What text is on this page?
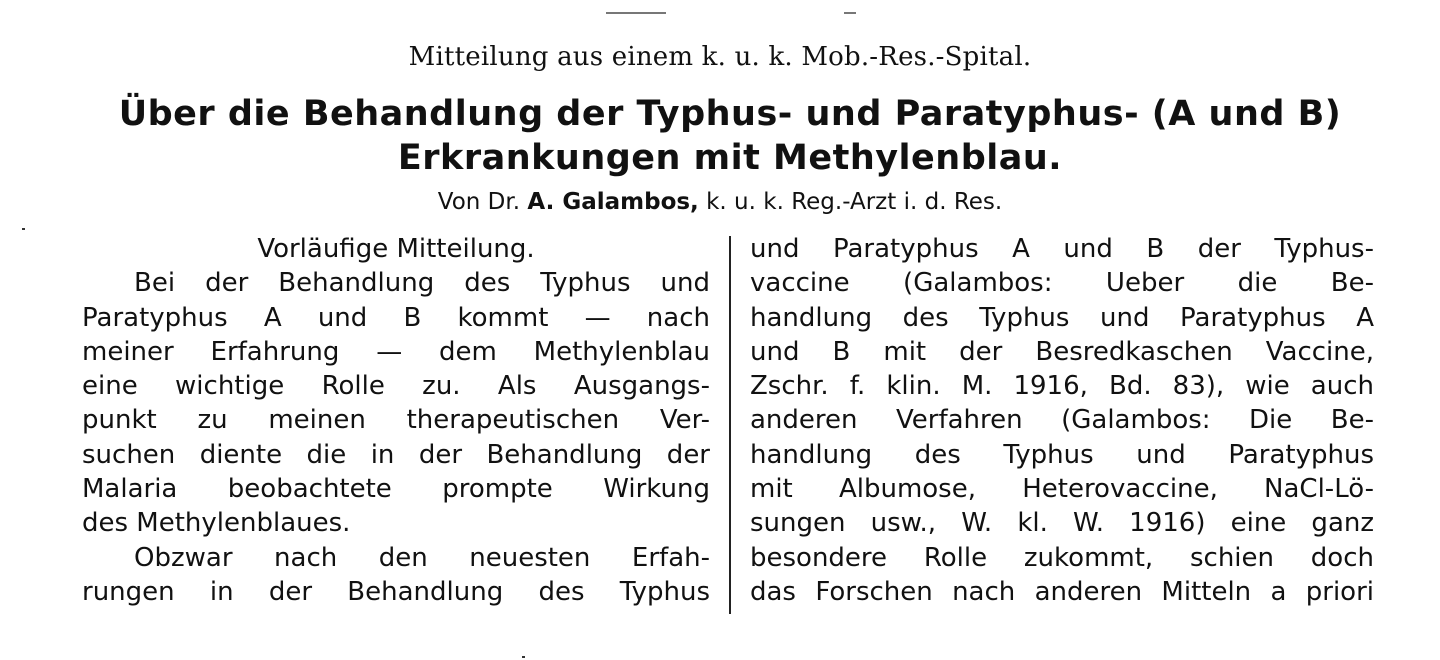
Mitteilung aus einem k. u. k. Mob.-Res.-Spital.
Über die Behandlung der Typhus- und Paratyphus- (A und B)
Erkrankungen mit Methylenblau.
Von Dr. A. Galambos, k. u. k. Reg.-Arzt i. d. Res.
Vorläufige Mitteilung.
Bei der Behandlung des Typhus und
Paratyphus A und B kommt — nach
meiner Erfahrung — dem Methylenblau
eine wichtige Rolle zu. Als Ausgangs-
punkt zu meinen therapeutischen Ver-
suchen diente die in der Behandlung der
Malaria beobachtete prompte Wirkung
des Methylenblaues.
Obzwar nach den neuesten Erfah-
rungen in der Behandlung des Typhus
und Paratyphus A und B der Typhus-
vaccine (Galambos: Ueber die Be-
handlung des Typhus und Paratyphus A
und B mit der Besredkaschen Vaccine,
Zschr. f. klin. M. 1916, Bd. 83), wie auch
anderen Verfahren (Galambos: Die Be-
handlung des Typhus und Paratyphus
mit Albumose, Heterovaccine, NaCl-Lö-
sungen usw., W. kl. W. 1916) eine ganz
besondere Rolle zukommt, schien doch
das Forschen nach anderen Mitteln a priori
